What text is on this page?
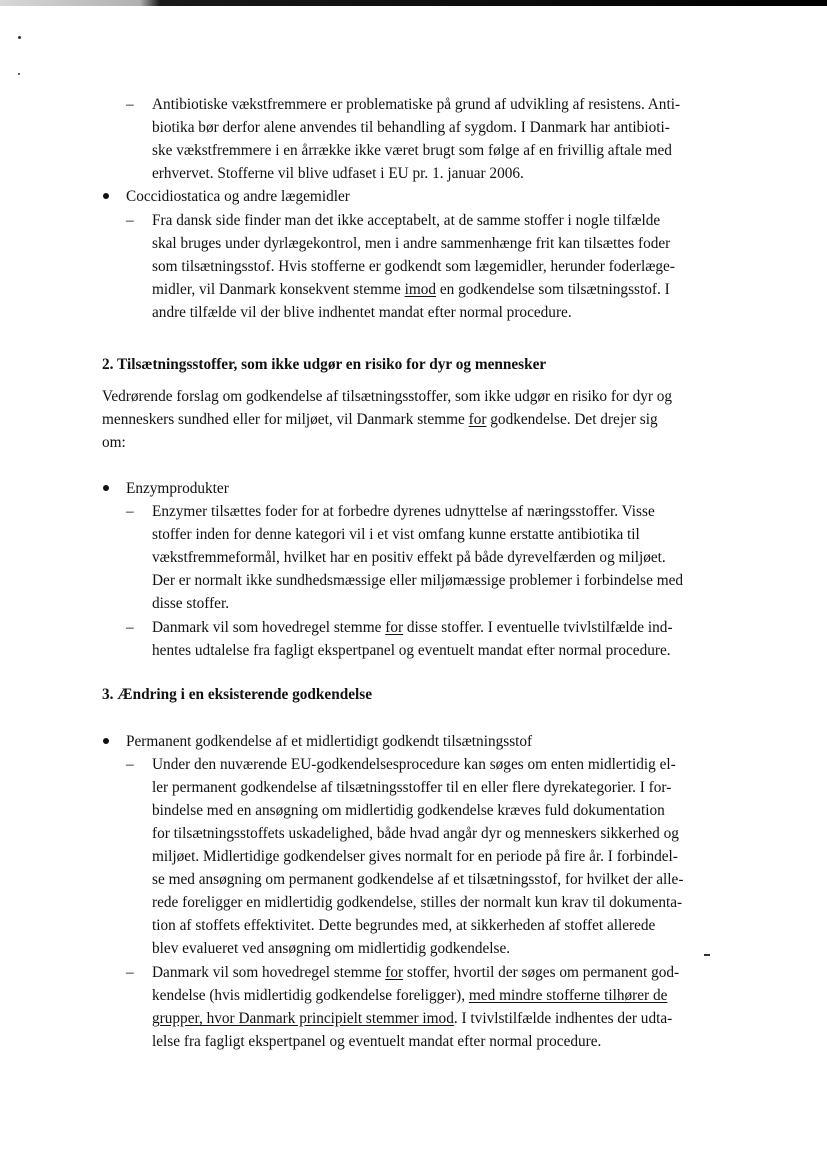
– Antibiotiske vækstfremmere er problematiske på grund af udvikling af resistens. Anti-
biotika bør derfor alene anvendes til behandling af sygdom. I Danmark har antibioti-
ske vækstfremmere i en årrække ikke været brugt som følge af en frivillig aftale med
erhvervet. Stofferne vil blive udfaset i EU pr. 1. januar 2006.
Coccidiostatica og andre lægemidler
– Fra dansk side finder man det ikke acceptabelt, at de samme stoffer i nogle tilfælde
skal bruges under dyrlægekontrol, men i andre sammenhænge frit kan tilsættes foder
som tilsætningsstof. Hvis stofferne er godkendt som lægemidler, herunder foderlæge-
midler, vil Danmark konsekvent stemme imod en godkendelse som tilsætningsstof. I
andre tilfælde vil der blive indhentet mandat efter normal procedure.
2. Tilsætningsstoffer, som ikke udgør en risiko for dyr og mennesker
Vedrørende forslag om godkendelse af tilsætningsstoffer, som ikke udgør en risiko for dyr og
menneskers sundhed eller for miljøet, vil Danmark stemme for godkendelse. Det drejer sig
om:
Enzymprodukter
– Enzymer tilsættes foder for at forbedre dyrenes udnyttelse af næringsstoffer. Visse
stoffer inden for denne kategori vil i et vist omfang kunne erstatte antibiotika til
vækstfremmeformål, hvilket har en positiv effekt på både dyrevelfærden og miljøet.
Der er normalt ikke sundhedsmæssige eller miljømæssige problemer i forbindelse med
disse stoffer.
– Danmark vil som hovedregel stemme for disse stoffer. I eventuelle tvivlstilfælde ind-
hentes udtalelse fra fagligt ekspertpanel og eventuelt mandat efter normal procedure.
3. Ændring i en eksisterende godkendelse
Permanent godkendelse af et midlertidigt godkendt tilsætningsstof
– Under den nuværende EU-godkendelsesprocedure kan søges om enten midlertidig el-
ler permanent godkendelse af tilsætningsstoffer til en eller flere dyrekategorier. I for-
bindelse med en ansøgning om midlertidig godkendelse kræves fuld dokumentation
for tilsætningsstoffets uskadelighed, både hvad angår dyr og menneskers sikkerhed og
miljøet. Midlertidige godkendelser gives normalt for en periode på fire år. I forbindel-
se med ansøgning om permanent godkendelse af et tilsætningsstof, for hvilket der alle-
rede foreligger en midlertidig godkendelse, stilles der normalt kun krav til dokumenta-
tion af stoffets effektivitet. Dette begrundes med, at sikkerheden af stoffet allerede
blev evalueret ved ansøgning om midlertidig godkendelse.
– Danmark vil som hovedregel stemme for stoffer, hvortil der søges om permanent god-
kendelse (hvis midlertidig godkendelse foreligger), med mindre stofferne tilhører de
grupper, hvor Danmark principielt stemmer imod. I tvivlstilfælde indhentes der udta-
lelse fra fagligt ekspertpanel og eventuelt mandat efter normal procedure.
